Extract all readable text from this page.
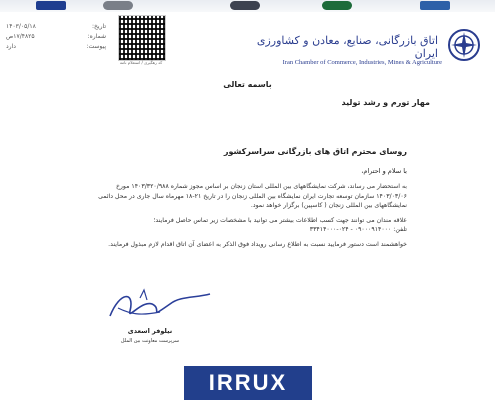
تاریخ:
۱۴۰۳/۰۵/۱۸
شماره:
۱۷/۴۸۲۵ص
پیوست:
دارد
کد رهگیری / استعلام نامه
اتاق بازرگانی، صنایع، معادن و کشاورزی ایران
Iran Chamber of Commerce, Industries, Mines & Agriculture
باسمه تعالی
مهار تورم و رشد تولید
روسای محترم اتاق های بازرگانی سراسرکشور
با سلام و احترام،

به استحضار می رساند، شرکت نمایشگاههای بین المللی استان زنجان بر اساس مجوز شماره ۱۴۰۳/۳۲۰/۹۸۸ مورخ ۱۴۰۳/۰۳/۰۶ سازمان توسعه تجارت ایران نمایشگاه بین المللی زنجان را در تاریخ ۲۱-۱۸ مهرماه سال جاری در محل دائمی نمایشگاههای بین المللی زنجان ( کاسپین) برگزار خواهد نمود.

علاقه مندان می توانند جهت کسب اطلاعات بیشتر می توانید با مشخصات زیر تماس حاصل فرمایند؛

تلفن: ۰۹۰۰۰۹۱۴۰۰۰ - ۰۲۴-۳۳۴۱۴۰۰۰

خواهشمند است دستور فرمایید نسبت به اطلاع رسانی رویداد فوق الذکر به اعضای آن اتاق اقدام لازم مبذول فرمایند.

نیلوفر اسعدی
سرپرست معاونت بین الملل
IRRUX
